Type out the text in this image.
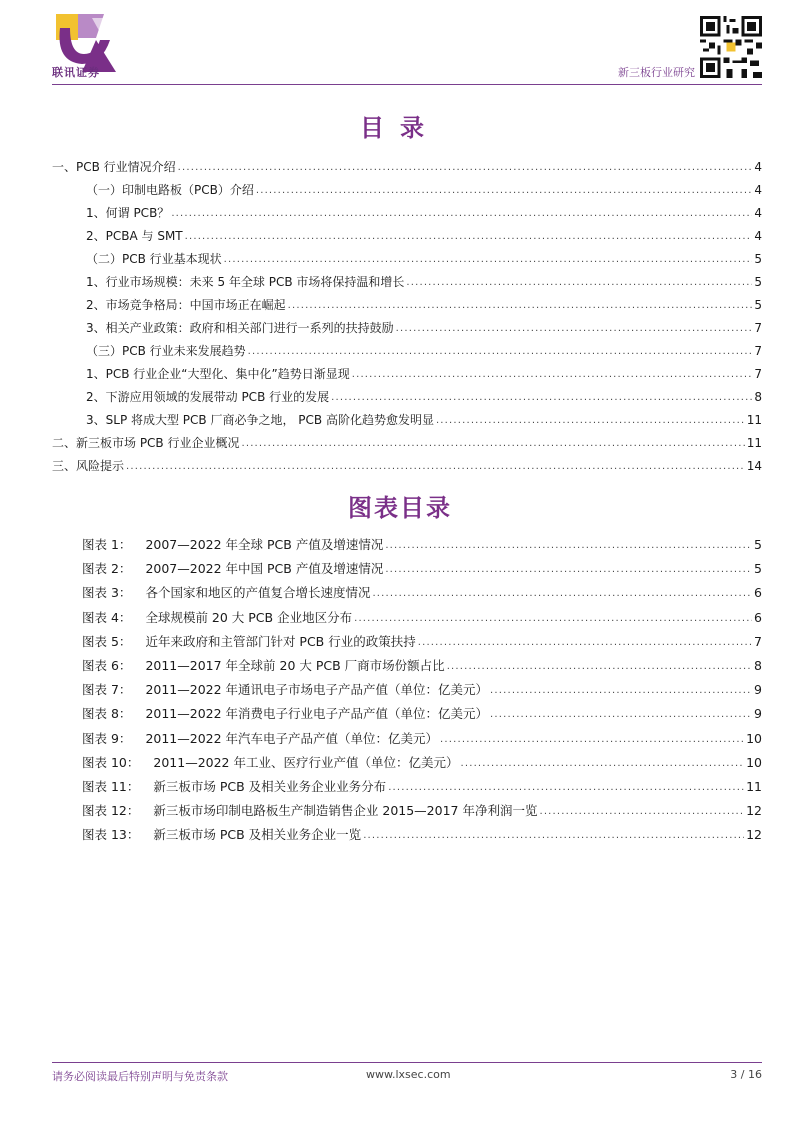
联讯证券	新三板行业研究
目录
一、PCB 行业情况介绍 . . .	4
（一）印制电路板（PCB）介绍 . . .	4
1、何谓 PCB？ . . .	4
2、PCBA 与 SMT . . .	4
（二）PCB 行业基本现状 . . .	5
1、行业市场规模：未来 5 年全球 PCB 市场将保持温和增长 . . .	5
2、市场竞争格局：中国市场正在崛起 . . .	5
3、相关产业政策：政府和相关部门进行一系列的扶持鼓励 . . .	7
（三）PCB 行业未来发展趋势 . . .	7
1、PCB 行业企业“大型化、集中化”趋势日渐显现 . . .	7
2、下游应用领域的发展带动 PCB 行业的发展 . . .	8
3、SLP 将成大型 PCB 厂商必争之地， PCB 高阶化趋势愈发明显 . . .	11
二、新三板市场 PCB 行业企业概况 . . .	11
三、风险提示 . . .	14
图表目录
图表 1： 2007—2022 年全球 PCB 产值及增速情况 . . .	5
图表 2： 2007—2022 年中国 PCB 产值及增速情况 . . .	5
图表 3： 各个国家和地区的产值复合增长速度情况 . . .	6
图表 4： 全球规模前 20 大 PCB 企业地区分布 . . .	6
图表 5： 近年来政府和主管部门针对 PCB 行业的政策扶持 . . .	7
图表 6： 2011—2017 年全球前 20 大 PCB 厂商市场份额占比 . . .	8
图表 7： 2011—2022 年通讯电子市场电子产品产值（单位：亿美元） . . .	9
图表 8： 2011—2022 年消费电子行业电子产品产值（单位：亿美元） . . .	9
图表 9： 2011—2022 年汽车电子产品产值（单位：亿美元） . . .	10
图表 10： 2011—2022 年工业、医疗行业产值（单位：亿美元） . . .	10
图表 11： 新三板市场 PCB 及相关业务企业业务分布 . . .	11
图表 12： 新三板市场印制电路板生产制造销售企业 2015—2017 年净利润一览 . . .	12
图表 13： 新三板市场 PCB 及相关业务企业一览 . . .	12
请务必阅读最后特别声明与免责条款	www.lxsec.com	3 / 16
